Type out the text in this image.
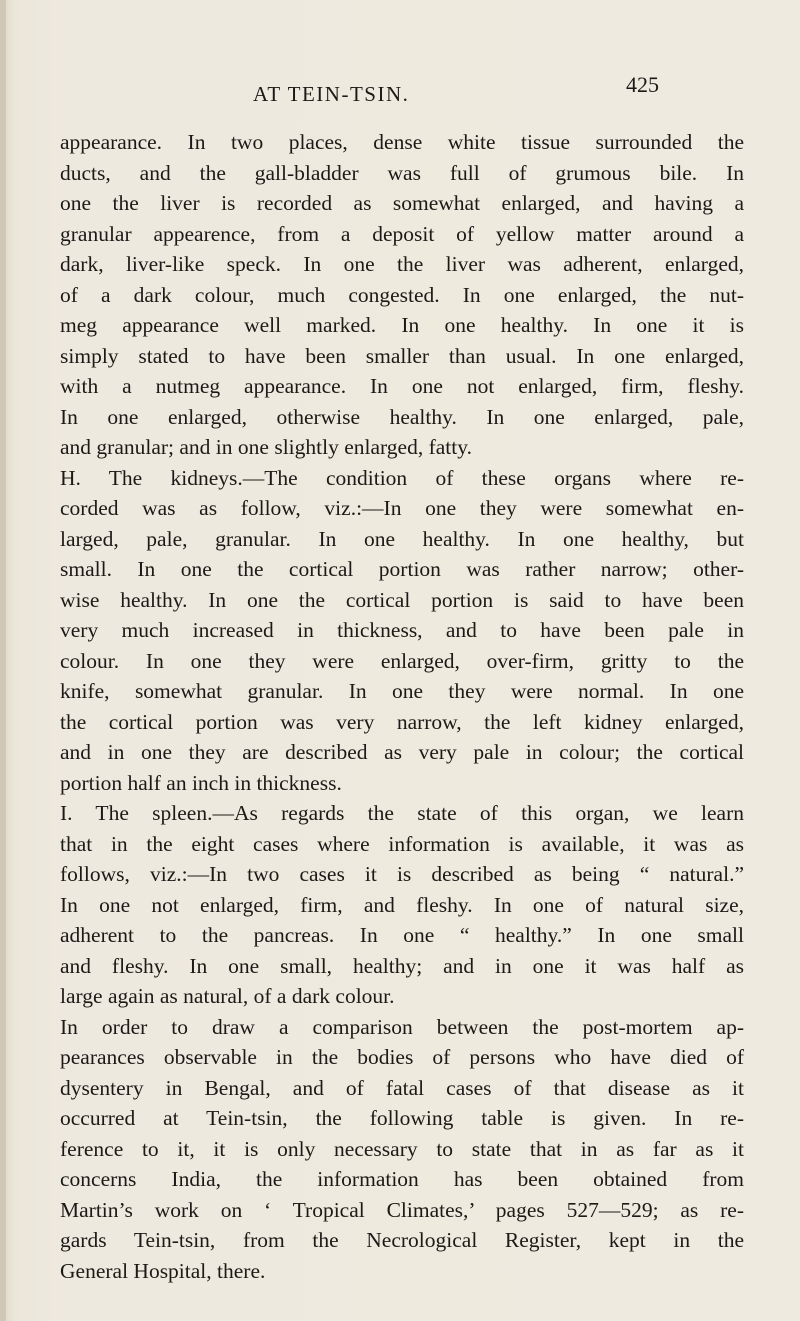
AT TEIN-TSIN.	425
appearance. In two places, dense white tissue surrounded the
ducts, and the gall-bladder was full of grumous bile. In
one the liver is recorded as somewhat enlarged, and having a
granular appearence, from a deposit of yellow matter around a
dark, liver-like speck. In one the liver was adherent, enlarged,
of a dark colour, much congested. In one enlarged, the nut-
meg appearance well marked. In one healthy. In one it is
simply stated to have been smaller than usual. In one enlarged,
with a nutmeg appearance. In one not enlarged, firm, fleshy.
In one enlarged, otherwise healthy. In one enlarged, pale,
and granular; and in one slightly enlarged, fatty.
H. The kidneys.—The condition of these organs where re-
corded was as follow, viz.:—In one they were somewhat en-
larged, pale, granular. In one healthy. In one healthy, but
small. In one the cortical portion was rather narrow; other-
wise healthy. In one the cortical portion is said to have been
very much increased in thickness, and to have been pale in
colour. In one they were enlarged, over-firm, gritty to the
knife, somewhat granular. In one they were normal. In one
the cortical portion was very narrow, the left kidney enlarged,
and in one they are described as very pale in colour; the cortical
portion half an inch in thickness.
I. The spleen.—As regards the state of this organ, we learn
that in the eight cases where information is available, it was as
follows, viz.:—In two cases it is described as being “ natural.”
In one not enlarged, firm, and fleshy. In one of natural size,
adherent to the pancreas. In one “ healthy.” In one small
and fleshy. In one small, healthy; and in one it was half as
large again as natural, of a dark colour.
In order to draw a comparison between the post-mortem ap-
pearances observable in the bodies of persons who have died of
dysentery in Bengal, and of fatal cases of that disease as it
occurred at Tein-tsin, the following table is given. In re-
ference to it, it is only necessary to state that in as far as it
concerns India, the information has been obtained from
Martin’s work on ‘ Tropical Climates,’ pages 527—529; as re-
gards Tein-tsin, from the Necrological Register, kept in the
General Hospital, there.
